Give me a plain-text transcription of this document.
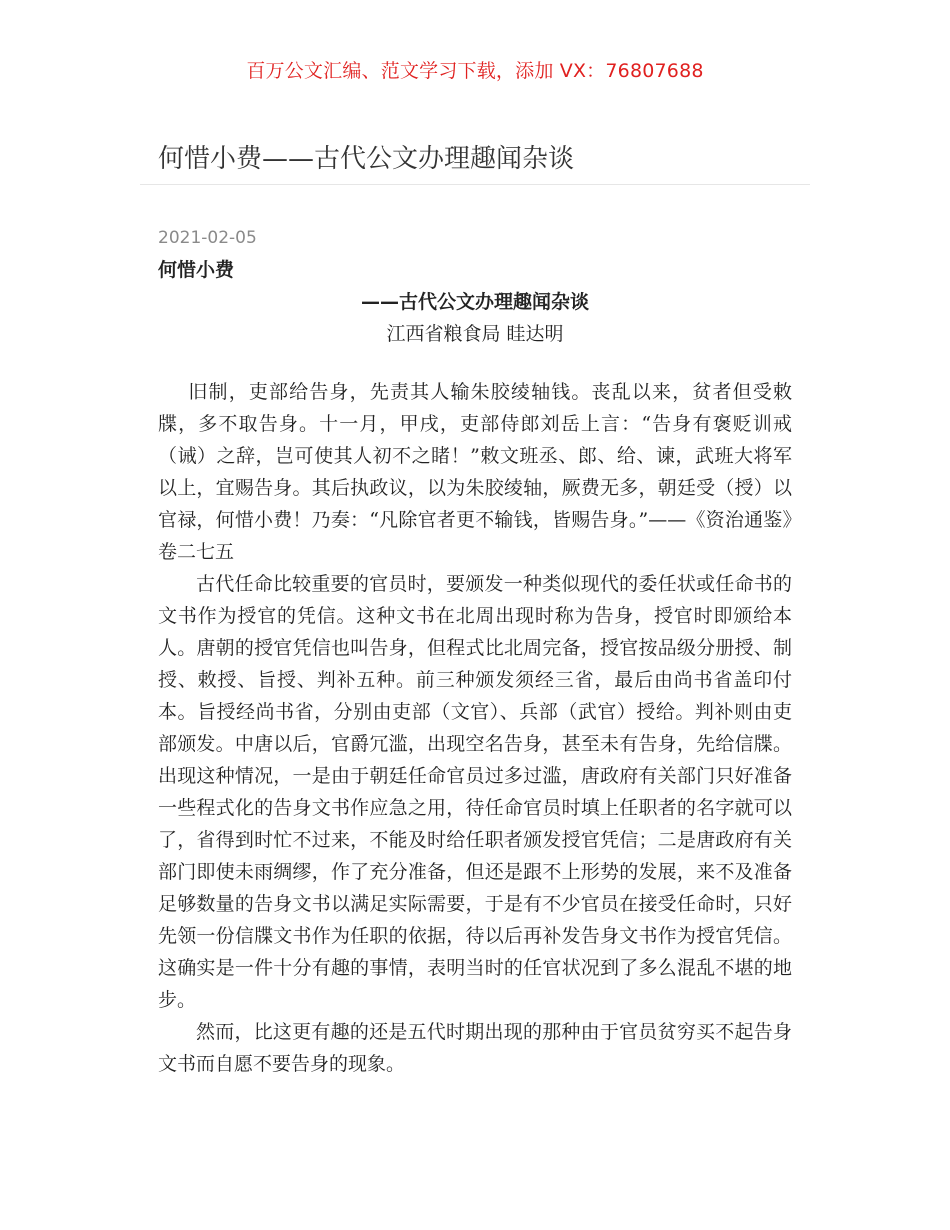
百万公文汇编、范文学习下载，添加 VX：76807688
何惜小费——古代公文办理趣闻杂谈
2021-02-05
何惜小费
——古代公文办理趣闻杂谈
江西省粮食局 眭达明

旧制，吏部给告身，先责其人输朱胶绫轴钱。丧乱以来，贫者但受敕牒，多不取告身。十一月，甲戌，吏部侍郎刘岳上言：“告身有褒贬训戒（诫）之辞，岂可使其人初不之睹！”敕文班丞、郎、给、谏，武班大将军以上，宜赐告身。其后执政议，以为朱胶绫轴，厥费无多，朝廷受（授）以官禄，何惜小费！乃奏：“凡除官者更不输钱，皆赐告身。”——《资治通鉴》卷二七五

古代任命比较重要的官员时，要颁发一种类似现代的委任状或任命书的文书作为授官的凭信。这种文书在北周出现时称为告身，授官时即颁给本人。唐朝的授官凭信也叫告身，但程式比北周完备，授官按品级分册授、制授、敕授、旨授、判补五种。前三种颁发须经三省，最后由尚书省盖印付本。旨授经尚书省，分别由吏部（文官）、兵部（武官）授给。判补则由吏部颁发。中唐以后，官爵冗滥，出现空名告身，甚至未有告身，先给信牒。出现这种情况，一是由于朝廷任命官员过多过滥，唐政府有关部门只好准备一些程式化的告身文书作应急之用，待任命官员时填上任职者的名字就可以了，省得到时忙不过来，不能及时给任职者颁发授官凭信；二是唐政府有关部门即使未雨绸缪，作了充分准备，但还是跟不上形势的发展，来不及准备足够数量的告身文书以满足实际需要，于是有不少官员在接受任命时，只好先领一份信牒文书作为任职的依据，待以后再补发告身文书作为授官凭信。这确实是一件十分有趣的事情，表明当时的任官状况到了多么混乱不堪的地步。

然而，比这更有趣的还是五代时期出现的那种由于官员贫穷买不起告身文书而自愿不要告身的现象。
